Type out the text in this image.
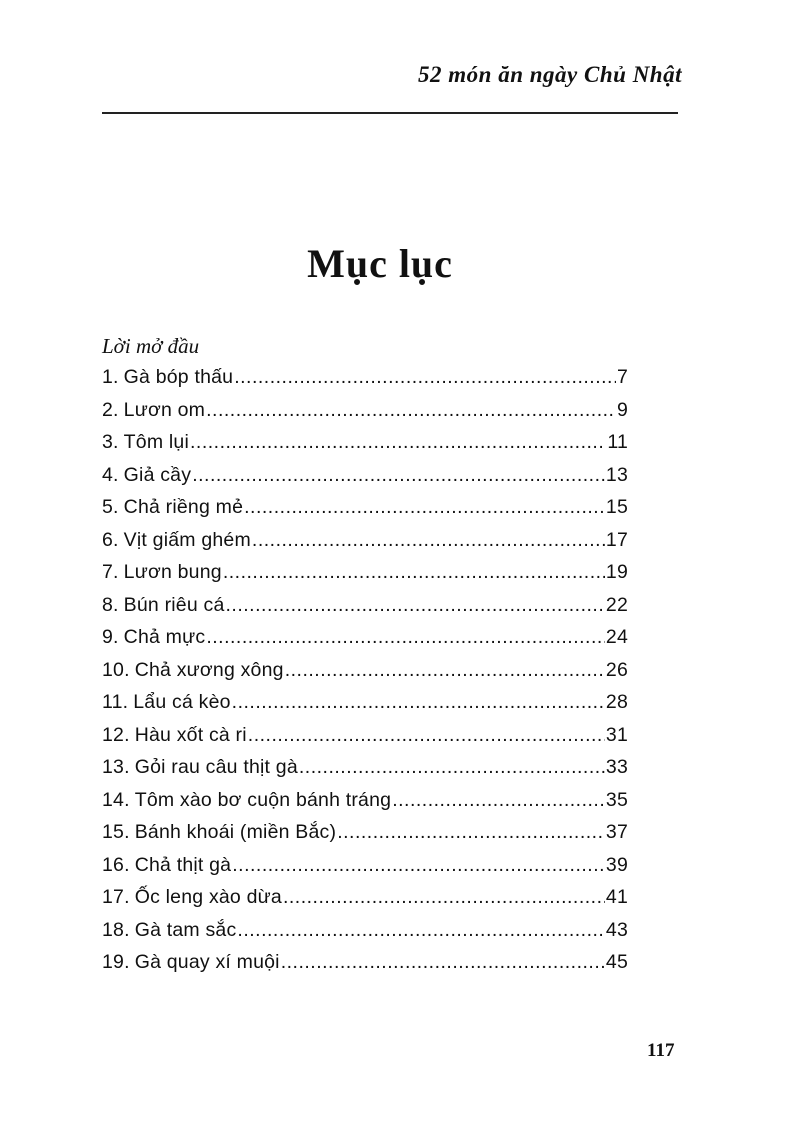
52 món ăn ngày Chủ Nhật
Mục lục
Lời mở đầu
1. Gà bóp thấu .....	7
2. Lươn om .....	9
3. Tôm lụi .....	11
4. Giả cầy .....	13
5. Chả riềng mẻ .....	15
6. Vịt giấm ghém .....	17
7. Lươn bung .....	19
8. Bún riêu cá .....	22
9. Chả mực .....	24
10. Chả xương xông .....	26
11. Lẩu cá kèo .....	28
12. Hàu xốt cà ri .....	31
13. Gỏi rau câu thịt gà .....	33
14. Tôm xào bơ cuộn bánh tráng .....	35
15. Bánh khoái (miền Bắc) .....	37
16. Chả thịt gà .....	39
17. Ốc leng xào dừa .....	41
18. Gà tam sắc .....	43
19. Gà quay xí muội .....	45
117
